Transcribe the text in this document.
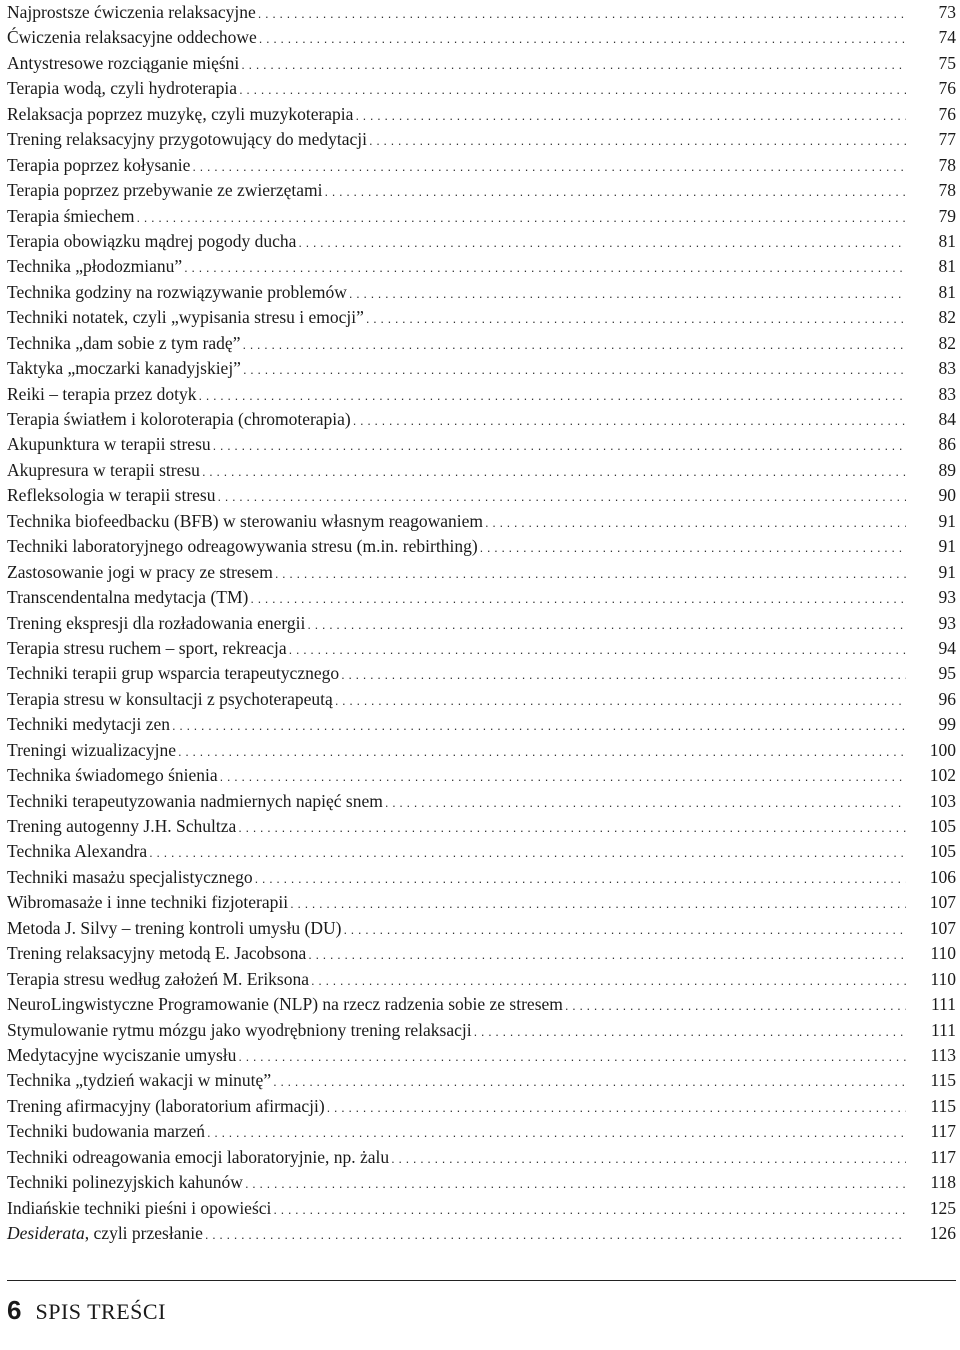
Najprostsze ćwiczenia relaksacyjne . . .	73
Ćwiczenia relaksacyjne oddechowe . . .	74
Antystresowe rozciąganie mięśni . . .	75
Terapia wodą, czyli hydroterapia . . .	76
Relaksacja poprzez muzykę, czyli muzykoterapia . . .	76
Trening relaksacyjny przygotowujący do medytacji . . .	77
Terapia poprzez kołysanie . . .	78
Terapia poprzez przebywanie ze zwierzętami . . .	78
Terapia śmiechem . . .	79
Terapia obowiązku mądrej pogody ducha . . .	81
Technika „płodozmianu” . . .	81
Technika godziny na rozwiązywanie problemów . . .	81
Techniki notatek, czyli „wypisania stresu i emocji” . . .	82
Technika „dam sobie z tym radę” . . .	82
Taktyka „moczarki kanadyjskiej” . . .	83
Reiki – terapia przez dotyk . . .	83
Terapia światłem i koloroterapia (chromoterapia) . . .	84
Akupunktura w terapii stresu . . .	86
Akupresura w terapii stresu . . .	89
Refleksologia w terapii stresu . . .	90
Technika biofeedbacku (BFB) w sterowaniu własnym reagowaniem . . .	91
Techniki laboratoryjnego odreagowywania stresu (m.in. rebirthing) . . .	91
Zastosowanie jogi w pracy ze stresem . . .	91
Transcendentalna medytacja (TM) . . .	93
Trening ekspresji dla rozładowania energii . . .	93
Terapia stresu ruchem – sport, rekreacja . . .	94
Techniki terapii grup wsparcia terapeutycznego . . .	95
Terapia stresu w konsultacji z psychoterapeutą . . .	96
Techniki medytacji zen . . .	99
Treningi wizualizacyjne . . .	100
Technika świadomego śnienia . . .	102
Techniki terapeutyzowania nadmiernych napięć snem . . .	103
Trening autogenny J.H. Schultza . . .	105
Technika Alexandra . . .	105
Techniki masażu specjalistycznego . . .	106
Wibromasaże i inne techniki fizjoterapii . . .	107
Metoda J. Silvy – trening kontroli umysłu (DU) . . .	107
Trening relaksacyjny metodą E. Jacobsona . . .	110
Terapia stresu według założeń M. Eriksona . . .	110
NeuroLingwistyczne Programowanie (NLP) na rzecz radzenia sobie ze stresem . . .	111
Stymulowanie rytmu mózgu jako wyodrębniony trening relaksacji . . .	111
Medytacyjne wyciszanie umysłu . . .	113
Technika „tydzień wakacji w minutę” . . .	115
Trening afirmacyjny (laboratorium afirmacji) . . .	115
Techniki budowania marzeń . . .	117
Techniki odreagowania emocji laboratoryjnie, np. żalu . . .	117
Techniki polinezyjskich kahunów . . .	118
Indiańskie techniki pieśni i opowieści . . .	125
Desiderata, czyli przesłanie . . .	126
6 SPIS TREŚCI
